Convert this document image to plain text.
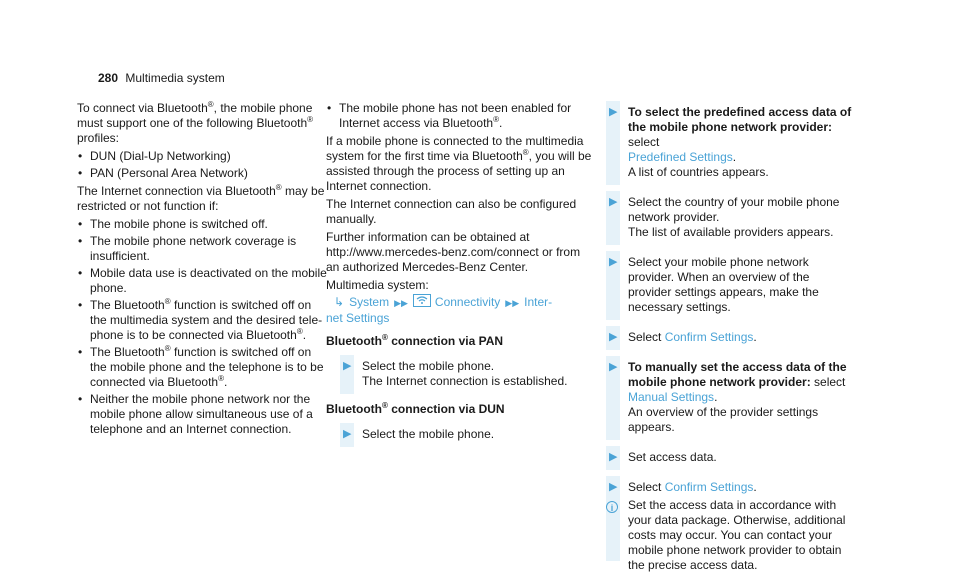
280 Multimedia system

To connect via Bluetooth®, the mobile phone must support one of the following Bluetooth® profiles:

• DUN (Dial-Up Networking)
• PAN (Personal Area Network)

The Internet connection via Bluetooth® may be restricted or not function if:

• The mobile phone is switched off.
• The mobile phone network coverage is insufficient.
• Mobile data use is deactivated on the mobile phone.
• The Bluetooth® function is switched off on the multimedia system and the desired telephone is to be connected via Bluetooth®.
• The Bluetooth® function is switched off on the mobile phone and the telephone is to be connected via Bluetooth®.
• Neither the mobile phone network nor the mobile phone allow simultaneous use of a telephone and an Internet connection.
• The mobile phone has not been enabled for Internet access via Bluetooth®.

If a mobile phone is connected to the multimedia system for the first time via Bluetooth®, you will be assisted through the process of setting up an Internet connection.

The Internet connection can also be configured manually.

Further information can be obtained at http://www.mercedes-benz.com/connect or from an authorized Mercedes-Benz Center.

Multimedia system:

↳ System ▶▶ Connectivity ▶▶ Inter-

net Settings

Bluetooth® connection via PAN
▶ Select the mobile phone.
The Internet connection is established.
Bluetooth® connection via DUN
▶ Select the mobile phone.
▶ To select the predefined access data of the mobile phone network provider: select
Predefined Settings.
A list of countries appears.
▶ Select the country of your mobile phone network provider.
The list of available providers appears.
▶ Select your mobile phone network provider. When an overview of the provider settings appears, make the necessary settings.
▶ Select Confirm Settings.
▶ To manually set the access data of the mobile phone network provider: select
Manual Settings.
An overview of the provider settings appears.
▶ Set access data.
▶ Select Confirm Settings.
i	Set the access data in accordance with your data package. Otherwise, additional costs may occur. You can contact your mobile phone network provider to obtain the precise access data.
